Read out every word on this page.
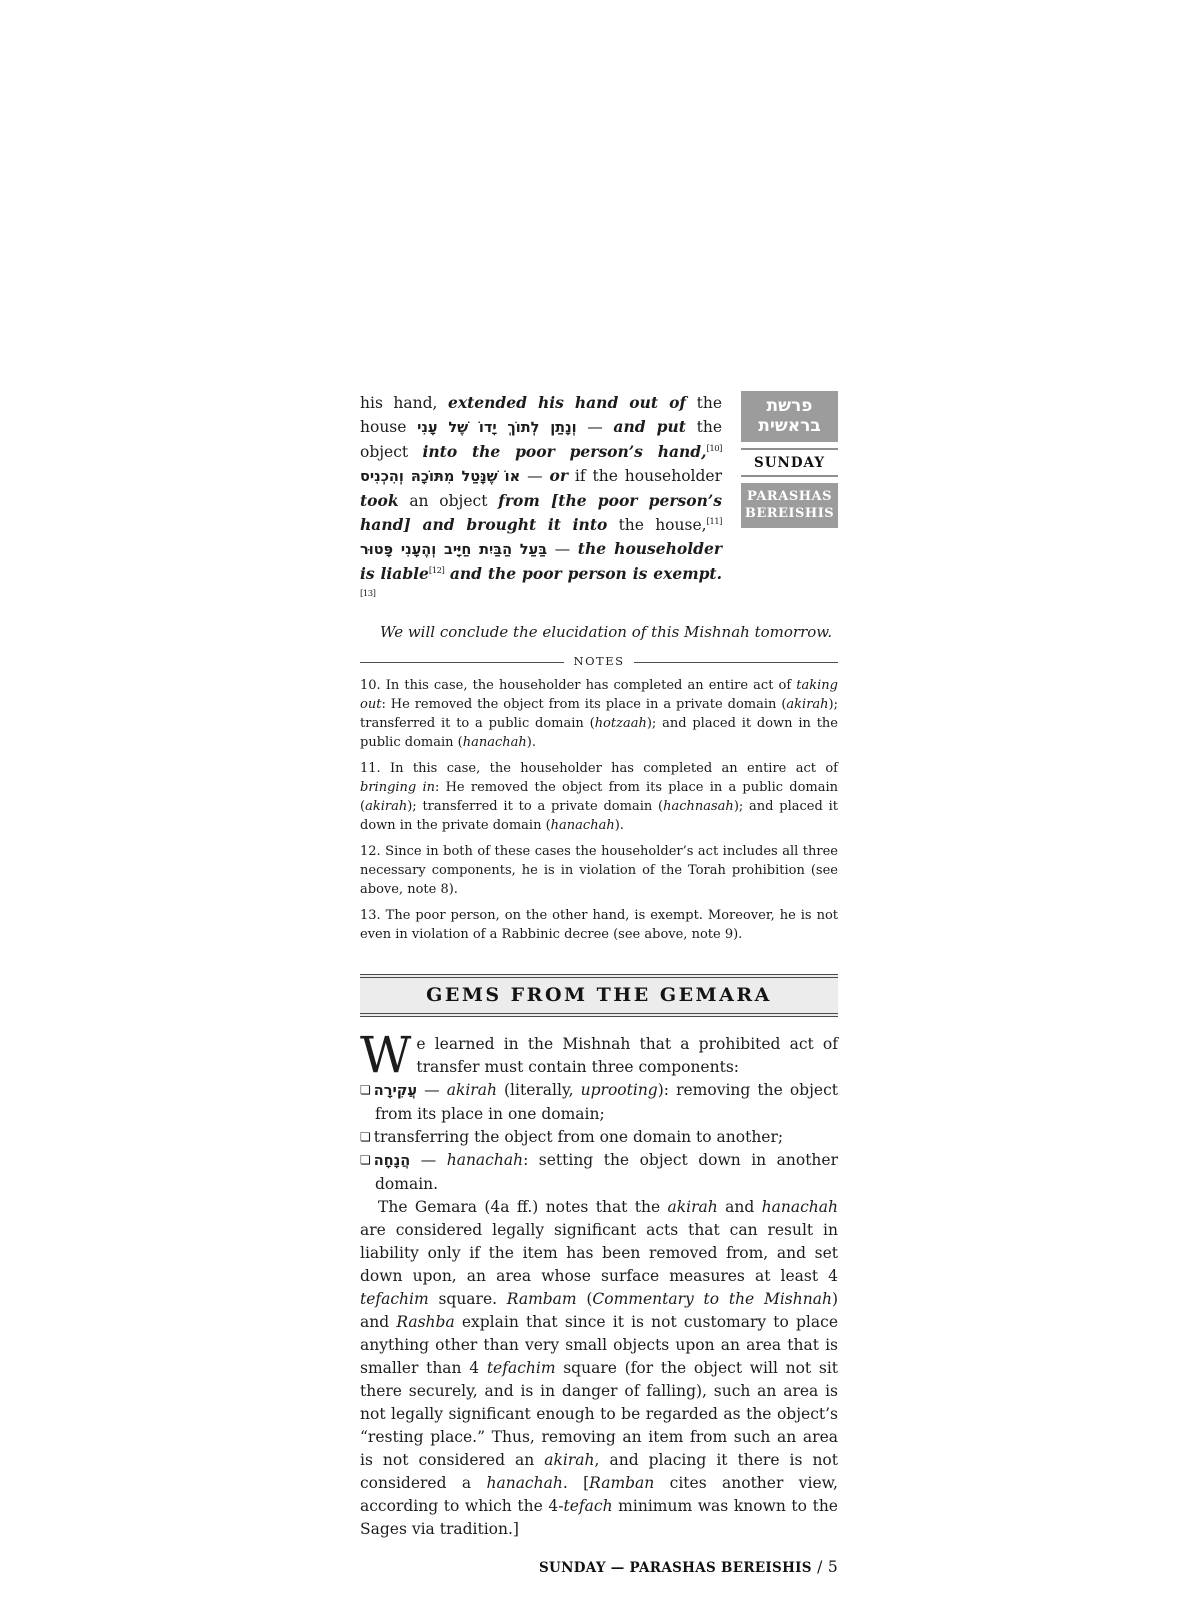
his hand, extended his hand out of the house וְנָתַן לְתוֹךְ יָדוֹ שֶׁל עָנִי — and put the object into the poor person’s hand,[10] אוֹ שֶׁנָּטַל מִתּוֹכָהּ וְהִכְנִיס — or if the householder took an object from [the poor person’s hand] and brought it into the house,[11] בַּעַל הַבַּיִת חַיָּיב וְהֶעָנִי פָּטוּר — the householder is liable[12] and the poor person is exempt.[13]

פרשת
בראשית
SUNDAY
PARASHAS
BEREISHIS

We will conclude the elucidation of this Mishnah tomorrow.

NOTES

10. In this case, the householder has completed an entire act of taking out: He removed the object from its place in a private domain (akirah); transferred it to a public domain (hotzaah); and placed it down in the public domain (hanachah).

11. In this case, the householder has completed an entire act of bringing in: He removed the object from its place in a public domain (akirah); transferred it to a private domain (hachnasah); and placed it down in the private domain (hanachah).

12. Since in both of these cases the householder’s act includes all three necessary components, he is in violation of the Torah prohibition (see above, note 8).

13. The poor person, on the other hand, is exempt. Moreover, he is not even in violation of a Rabbinic decree (see above, note 9).

GEMS FROM THE GEMARA

We learned in the Mishnah that a prohibited act of transfer must contain three components:

❏ עֲקִירָה — akirah (literally, uprooting): removing the object from its place in one domain;

❏ transferring the object from one domain to another;

❏ הֲנָחָה — hanachah: setting the object down in another domain.

The Gemara (4a ff.) notes that the akirah and hanachah are considered legally significant acts that can result in liability only if the item has been removed from, and set down upon, an area whose surface measures at least 4 tefachim square. Rambam (Commentary to the Mishnah) and Rashba explain that since it is not customary to place anything other than very small objects upon an area that is smaller than 4 tefachim square (for the object will not sit there securely, and is in danger of falling), such an area is not legally significant enough to be regarded as the object’s “resting place.” Thus, removing an item from such an area is not considered an akirah, and placing it there is not considered a hanachah. [Ramban cites another view, according to which the 4-tefach minimum was known to the Sages via tradition.]

SUNDAY — PARASHAS BEREISHIS / 5
